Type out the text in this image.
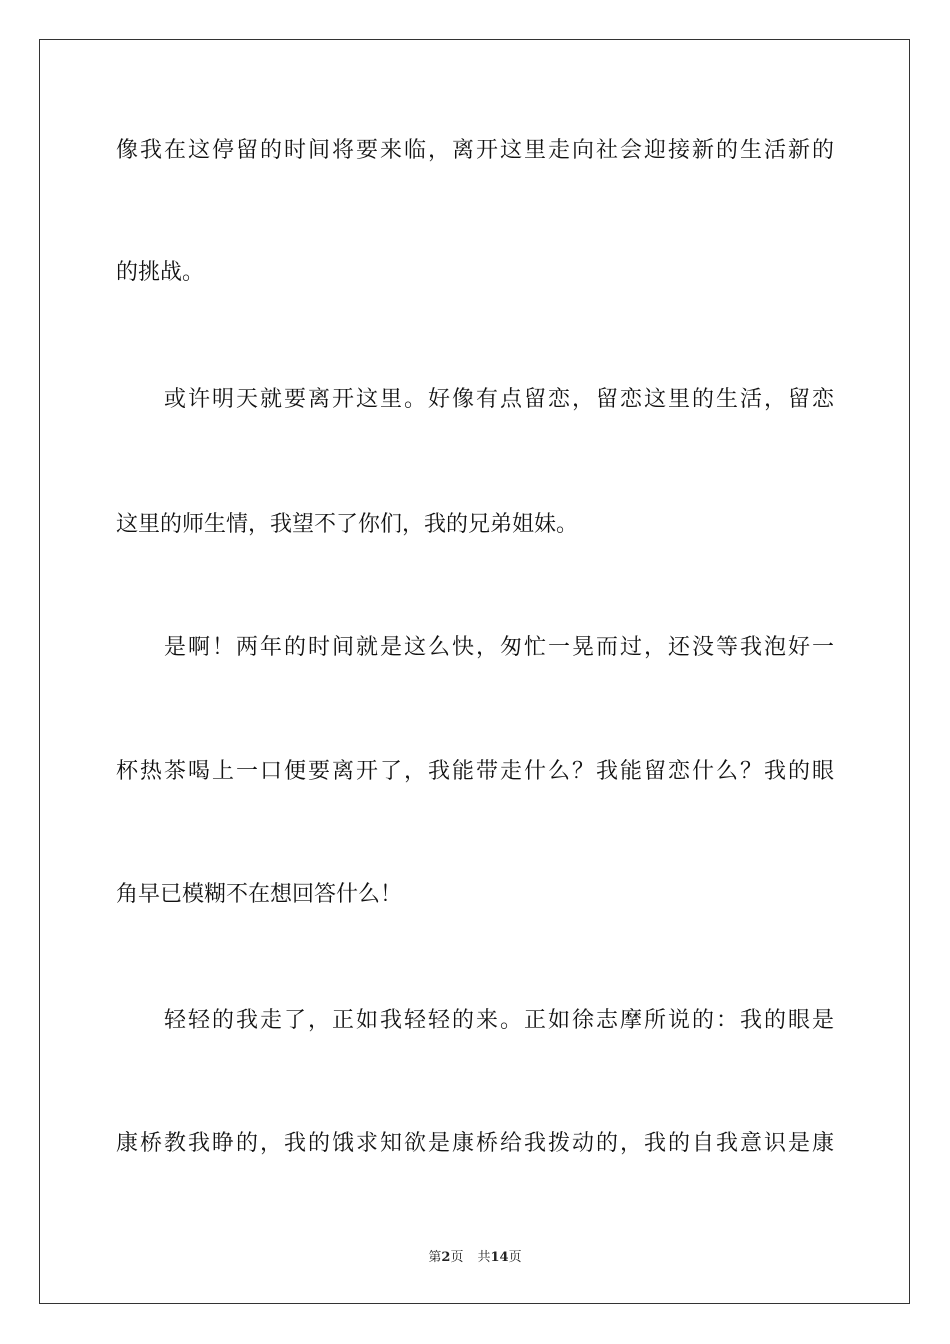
像我在这停留的时间将要来临，离开这里走向社会迎接新的生活新的
的挑战。
或许明天就要离开这里。好像有点留恋，留恋这里的生活，留恋
这里的师生情，我望不了你们，我的兄弟姐妹。
是啊！两年的时间就是这么快，匆忙一晃而过，还没等我泡好一
杯热茶喝上一口便要离开了，我能带走什么？我能留恋什么？我的眼
角早已模糊不在想回答什么！
轻轻的我走了，正如我轻轻的来。正如徐志摩所说的：我的眼是
康桥教我睁的，我的饿求知欲是康桥给我拨动的，我的自我意识是康
第2页 共14页
